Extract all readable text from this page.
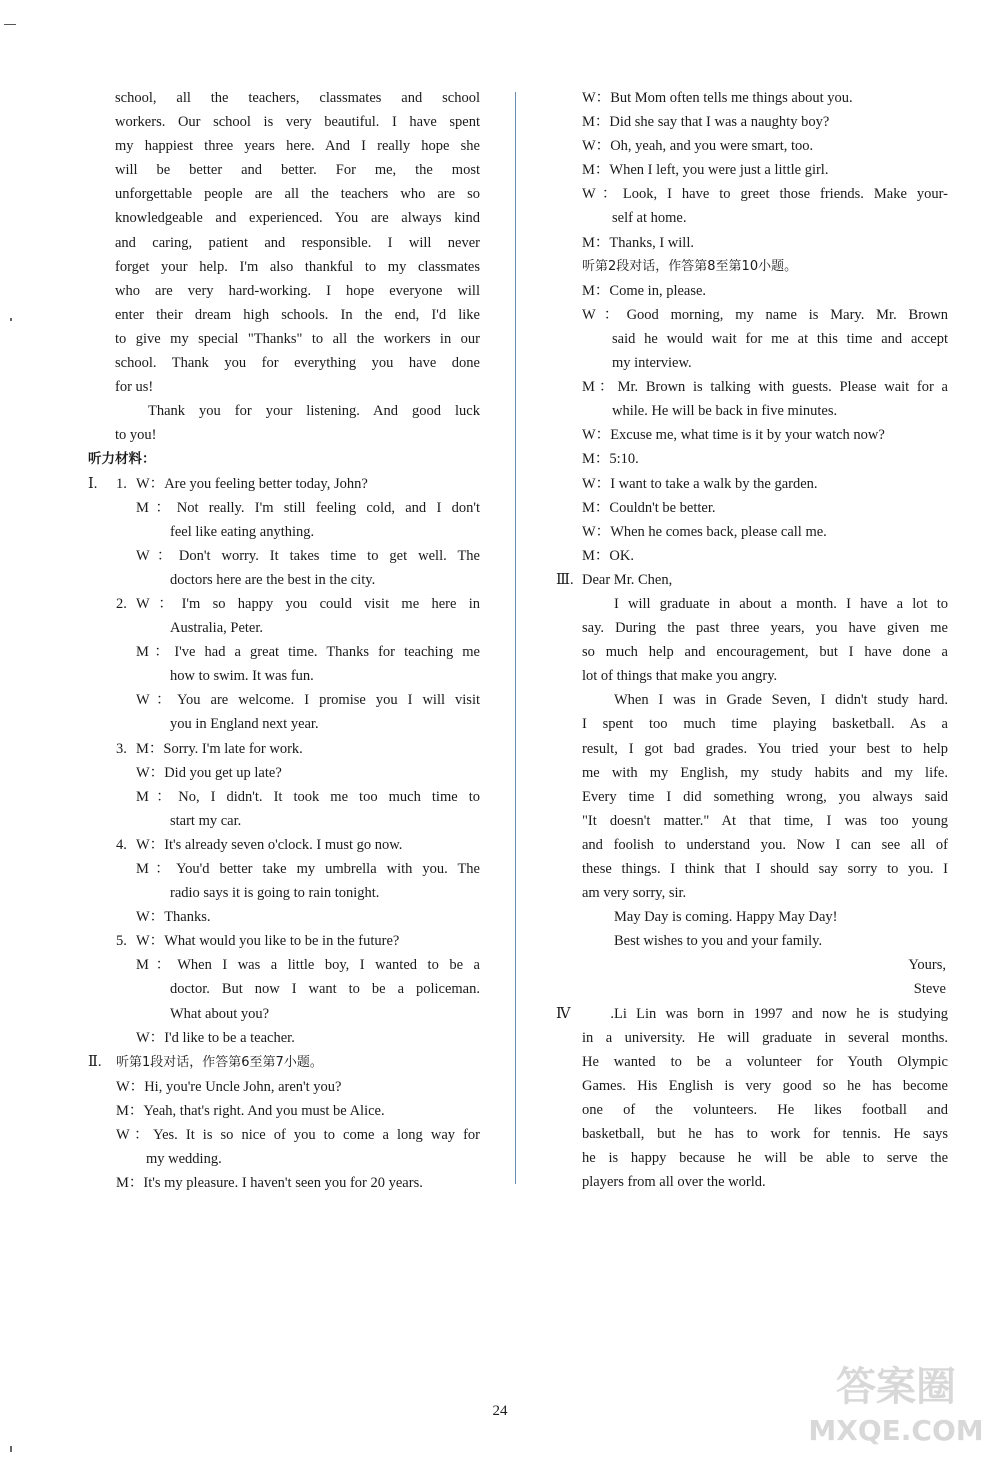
school, all the teachers, classmates and school
workers. Our school is very beautiful. I have spent
my happiest three years here. And I really hope she
will be better and better. For me, the most
unforgettable people are all the teachers who are so
knowledgeable and experienced. You are always kind
and caring, patient and responsible. I will never
forget your help. I'm also thankful to my classmates
who are very hard-working. I hope everyone will
enter their dream high schools. In the end, I'd like
to give my special "Thanks" to all the workers in our
school. Thank you for everything you have done
for us!
Thank you for your listening. And good luck
to you!
听力材料：
Ⅰ. 1. W：Are you feeling better today, John?
M：Not really. I'm still feeling cold, and I don't
feel like eating anything.
W：Don't worry. It takes time to get well. The
doctors here are the best in the city.
2. W：I'm so happy you could visit me here in
Australia, Peter.
M：I've had a great time. Thanks for teaching me
how to swim. It was fun.
W：You are welcome. I promise you I will visit
you in England next year.
3. M：Sorry. I'm late for work.
W：Did you get up late?
M：No, I didn't. It took me too much time to
start my car.
4. W：It's already seven o'clock. I must go now.
M：You'd better take my umbrella with you. The
radio says it is going to rain tonight.
W：Thanks.
5. W：What would you like to be in the future?
M：When I was a little boy, I wanted to be a
doctor. But now I want to be a policeman.
What about you?
W：I'd like to be a teacher.
Ⅱ. 听第1段对话，作答第6至第7小题。
W：Hi, you're Uncle John, aren't you?
M：Yeah, that's right. And you must be Alice.
W：Yes. It is so nice of you to come a long way for
my wedding.
M：It's my pleasure. I haven't seen you for 20 years.
W：But Mom often tells me things about you.
M：Did she say that I was a naughty boy?
W：Oh, yeah, and you were smart, too.
M：When I left, you were just a little girl.
W：Look, I have to greet those friends. Make your-
self at home.
M：Thanks, I will.
听第2段对话，作答第8至第10小题。
M：Come in, please.
W：Good morning, my name is Mary. Mr. Brown
said he would wait for me at this time and accept
my interview.
M：Mr. Brown is talking with guests. Please wait for a
while. He will be back in five minutes.
W：Excuse me, what time is it by your watch now?
M：5:10.
W：I want to take a walk by the garden.
M：Couldn't be better.
W：When he comes back, please call me.
M：OK.
Ⅲ. Dear Mr. Chen,
I will graduate in about a month. I have a lot to
say. During the past three years, you have given me
so much help and encouragement, but I have done a
lot of things that make you angry.
When I was in Grade Seven, I didn't study hard.
I spent too much time playing basketball. As a
result, I got bad grades. You tried your best to help
me with my English, my study habits and my life.
Every time I did something wrong, you always said
"It doesn't matter." At that time, I was too young
and foolish to understand you. Now I can see all of
these things. I think that I should say sorry to you. I
am very sorry, sir.
May Day is coming. Happy May Day!
Best wishes to you and your family.
Yours,
Steve
Ⅳ.Li Lin was born in 1997 and now he is studying
in a university. He will graduate in several months.
He wanted to be a volunteer for Youth Olympic
Games. His English is very good so he has become
one of the volunteers. He likes football and
basketball, but he has to work for tennis. He says
he is happy because he will be able to serve the
players from all over the world.
24
答案圈
MXQE.COM
